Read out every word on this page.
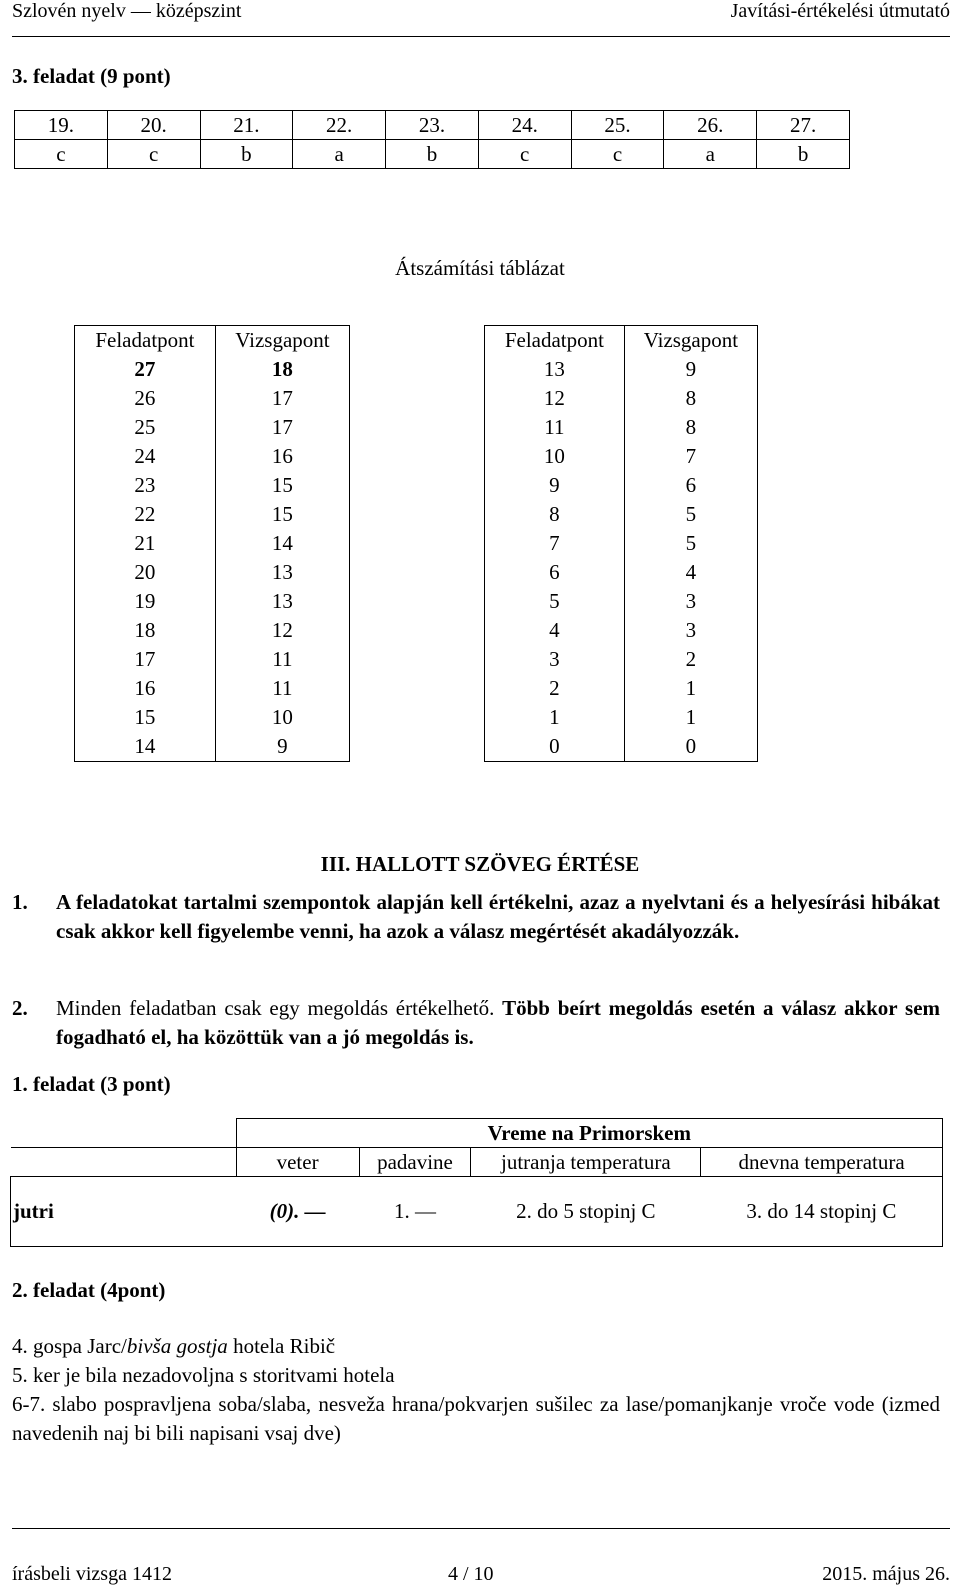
Szlovén nyelv — középszint	Javítási-értékelési útmutató
3. feladat (9 pont)
19.	20.	21.	22.	23.	24.	25.	26.	27.
c	c	b	a	b	c	c	a	b
Átszámítási táblázat
Feladatpont	Vizsgapont
27	18
26	17
25	17
24	16
23	15
22	15
21	14
20	13
19	13
18	12
17	11
16	11
15	10
14	9
Feladatpont	Vizsgapont
13	9
12	8
11	8
10	7
9	6
8	5
7	5
6	4
5	3
4	3
3	2
2	1
1	1
0	0
III. HALLOTT SZÖVEG ÉRTÉSE
1. A feladatokat tartalmi szempontok alapján kell értékelni, azaz a nyelvtani és a helyesírási hibákat csak akkor kell figyelembe venni, ha azok a válasz megértését akadályozzák.
2. Minden feladatban csak egy megoldás értékelhető. Több beírt megoldás esetén a válasz akkor sem fogadható el, ha közöttük van a jó megoldás is.
1. feladat (3 pont)
	Vreme na Primorskem			
	veter	padavine	jutranja temperatura	dnevna temperatura
jutri	(0). —	1. —	2. do 5 stopinj C	3. do 14 stopinj C
2. feladat (4pont)
4. gospa Jarc/bivša gostja hotela Ribič
5. ker je bila nezadovoljna s storitvami hotela
6-7. slabo pospravljena soba/slaba, nesveža hrana/pokvarjen sušilec za lase/pomanjkanje vroče vode (izmed navedenih naj bi bili napisani vsaj dve)
írásbeli vizsga 1412	4 / 10	2015. május 26.
